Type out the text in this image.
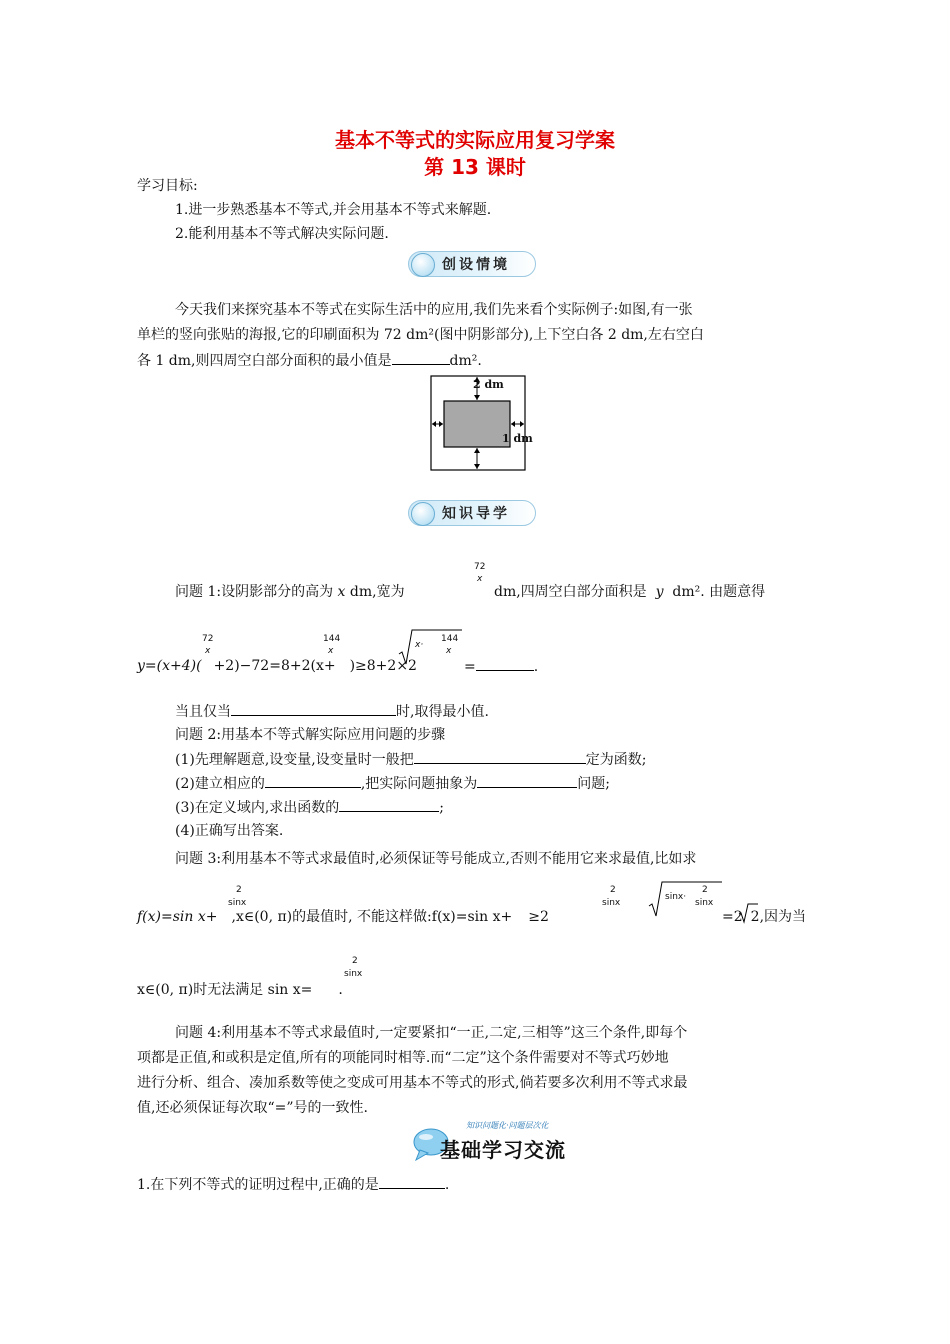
基本不等式的实际应用复习学案
第 13 课时
学习目标:
1.进一步熟悉基本不等式,并会用基本不等式来解题.
2.能利用基本不等式解决实际问题.
创设情境
今天我们来探究基本不等式在实际生活中的应用,我们先来看个实际例子:如图,有一张
单栏的竖向张贴的海报,它的印刷面积为 72 dm²(图中阴影部分),上下空白各 2 dm,左右空白
各 1 dm,则四周空白部分面积的最小值是	dm².
2 dm
1 dm
知识导学
72
x
问题 1:设阴影部分的高为 x dm,宽为	dm,四周空白部分面积是 y dm². 由题意得
72
x
144
x
y=(x+4)( +2)−72=8+2(x+ )≥8+2×2
x·
144
x
=	.
当且仅当	时,取得最小值.
问题 2:用基本不等式解实际应用问题的步骤
(1)先理解题意,设变量,设变量时一般把	定为函数;
(2)建立相应的	,把实际问题抽象为	问题;
(3)在定义域内,求出函数的	;
(4)正确写出答案.
问题 3:利用基本不等式求最值时,必须保证等号能成立,否则不能用它来求最值,比如求
2
sinx
2
sinx
sinx·
2
sinx
f(x)=sin x+ ,x∈(0, π)的最值时, 不能这样做:f(x)=sin x+ ≥2	=2 2,因为当
2
sinx
x∈(0, π)时无法满足 sin x= .
问题 4:利用基本不等式求最值时,一定要紧扣“一正,二定,三相等”这三个条件,即每个
项都是正值,和或积是定值,所有的项能同时相等.而“二定”这个条件需要对不等式巧妙地
进行分析、组合、凑加系数等使之变成可用基本不等式的形式,倘若要多次利用不等式求最
值,还必须保证每次取“=”号的一致性.
知识问题化·问题层次化
基础学习交流
1.在下列不等式的证明过程中,正确的是	.
